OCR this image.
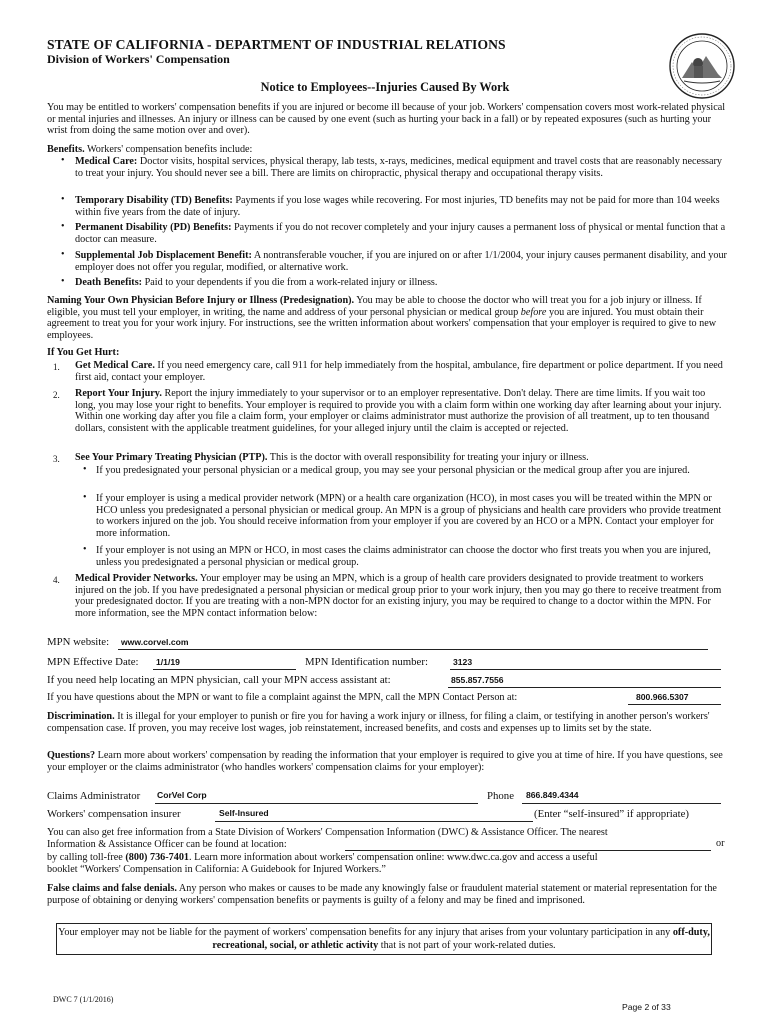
STATE OF CALIFORNIA - DEPARTMENT OF INDUSTRIAL RELATIONS
Division of Workers' Compensation
Notice to Employees--Injuries Caused By Work
You may be entitled to workers' compensation benefits if you are injured or become ill because of your job. Workers' compensation covers most work-related physical or mental injuries and illnesses. An injury or illness can be caused by one event (such as hurting your back in a fall) or by repeated exposures (such as hurting your wrist from doing the same motion over and over).
Benefits. Workers' compensation benefits include:
• Medical Care: Doctor visits, hospital services, physical therapy, lab tests, x-rays, medicines, medical equipment and travel costs that are reasonably necessary to treat your injury. You should never see a bill. There are limits on chiropractic, physical therapy and occupational therapy visits.
• Temporary Disability (TD) Benefits: Payments if you lose wages while recovering. For most injuries, TD benefits may not be paid for more than 104 weeks within five years from the date of injury.
• Permanent Disability (PD) Benefits: Payments if you do not recover completely and your injury causes a permanent loss of physical or mental function that a doctor can measure.
• Supplemental Job Displacement Benefit: A nontransferable voucher, if you are injured on or after 1/1/2004, your injury causes permanent disability, and your employer does not offer you regular, modified, or alternative work.
• Death Benefits: Paid to your dependents if you die from a work-related injury or illness.
Naming Your Own Physician Before Injury or Illness (Predesignation). You may be able to choose the doctor who will treat you for a job injury or illness. If eligible, you must tell your employer, in writing, the name and address of your personal physician or medical group before you are injured. You must obtain their agreement to treat you for your work injury. For instructions, see the written information about workers' compensation that your employer is required to give to new employees.
If You Get Hurt:
1. Get Medical Care. If you need emergency care, call 911 for help immediately from the hospital, ambulance, fire department or police department. If you need first aid, contact your employer.
2. Report Your Injury. Report the injury immediately to your supervisor or to an employer representative. Don't delay. There are time limits. If you wait too long, you may lose your right to benefits. Your employer is required to provide you with a claim form within one working day after learning about your injury. Within one working day after you file a claim form, your employer or claims administrator must authorize the provision of all treatment, up to ten thousand dollars, consistent with the applicable treatment guidelines, for your alleged injury until the claim is accepted or rejected.
3. See Your Primary Treating Physician (PTP). This is the doctor with overall responsibility for treating your injury or illness.
• If you predesignated your personal physician or a medical group, you may see your personal physician or the medical group after you are injured.
• If your employer is using a medical provider network (MPN) or a health care organization (HCO), in most cases you will be treated within the MPN or HCO unless you predesignated a personal physician or medical group. An MPN is a group of physicians and health care providers who provide treatment to workers injured on the job. You should receive information from your employer if you are covered by an HCO or a MPN. Contact your employer for more information.
• If your employer is not using an MPN or HCO, in most cases the claims administrator can choose the doctor who first treats you when you are injured, unless you predesignated a personal physician or medical group.
4. Medical Provider Networks. Your employer may be using an MPN, which is a group of health care providers designated to provide treatment to workers injured on the job. If you have predesignated a personal physician or medical group prior to your work injury, then you may go there to receive treatment from your predesignated doctor. If you are treating with a non-MPN doctor for an existing injury, you may be required to change to a doctor within the MPN. For more information, see the MPN contact information below:
MPN website: www.corvel.com
MPN Effective Date: 1/1/19	MPN Identification number:	3123
If you need help locating an MPN physician, call your MPN access assistant at:	855.857.7556
If you have questions about the MPN or want to file a complaint against the MPN, call the MPN Contact Person at:	800.966.5307
Discrimination. It is illegal for your employer to punish or fire you for having a work injury or illness, for filing a claim, or testifying in another person's workers' compensation case. If proven, you may receive lost wages, job reinstatement, increased benefits, and costs and expenses up to limits set by the state.
Questions? Learn more about workers' compensation by reading the information that your employer is required to give you at time of hire. If you have questions, see your employer or the claims administrator (who handles workers' compensation claims for your employer):
Claims Administrator CorVel Corp	Phone 866.849.4344
Workers' compensation insurer	Self-Insured	(Enter “self-insured” if appropriate)
You can also get free information from a State Division of Workers' Compensation Information (DWC) & Assistance Officer. The nearest
Information & Assistance Officer can be found at location:	or
by calling toll-free (800) 736-7401. Learn more information about workers' compensation online: www.dwc.ca.gov and access a useful
booklet “Workers' Compensation in California: A Guidebook for Injured Workers.”
False claims and false denials. Any person who makes or causes to be made any knowingly false or fraudulent material statement or material representation for the purpose of obtaining or denying workers' compensation benefits or payments is guilty of a felony and may be fined and imprisoned.
Your employer may not be liable for the payment of workers' compensation benefits for any injury that arises from your voluntary participation in any off-duty, recreational, social, or athletic activity that is not part of your work-related duties.
DWC 7 (1/1/2016)
Page 2 of 33
